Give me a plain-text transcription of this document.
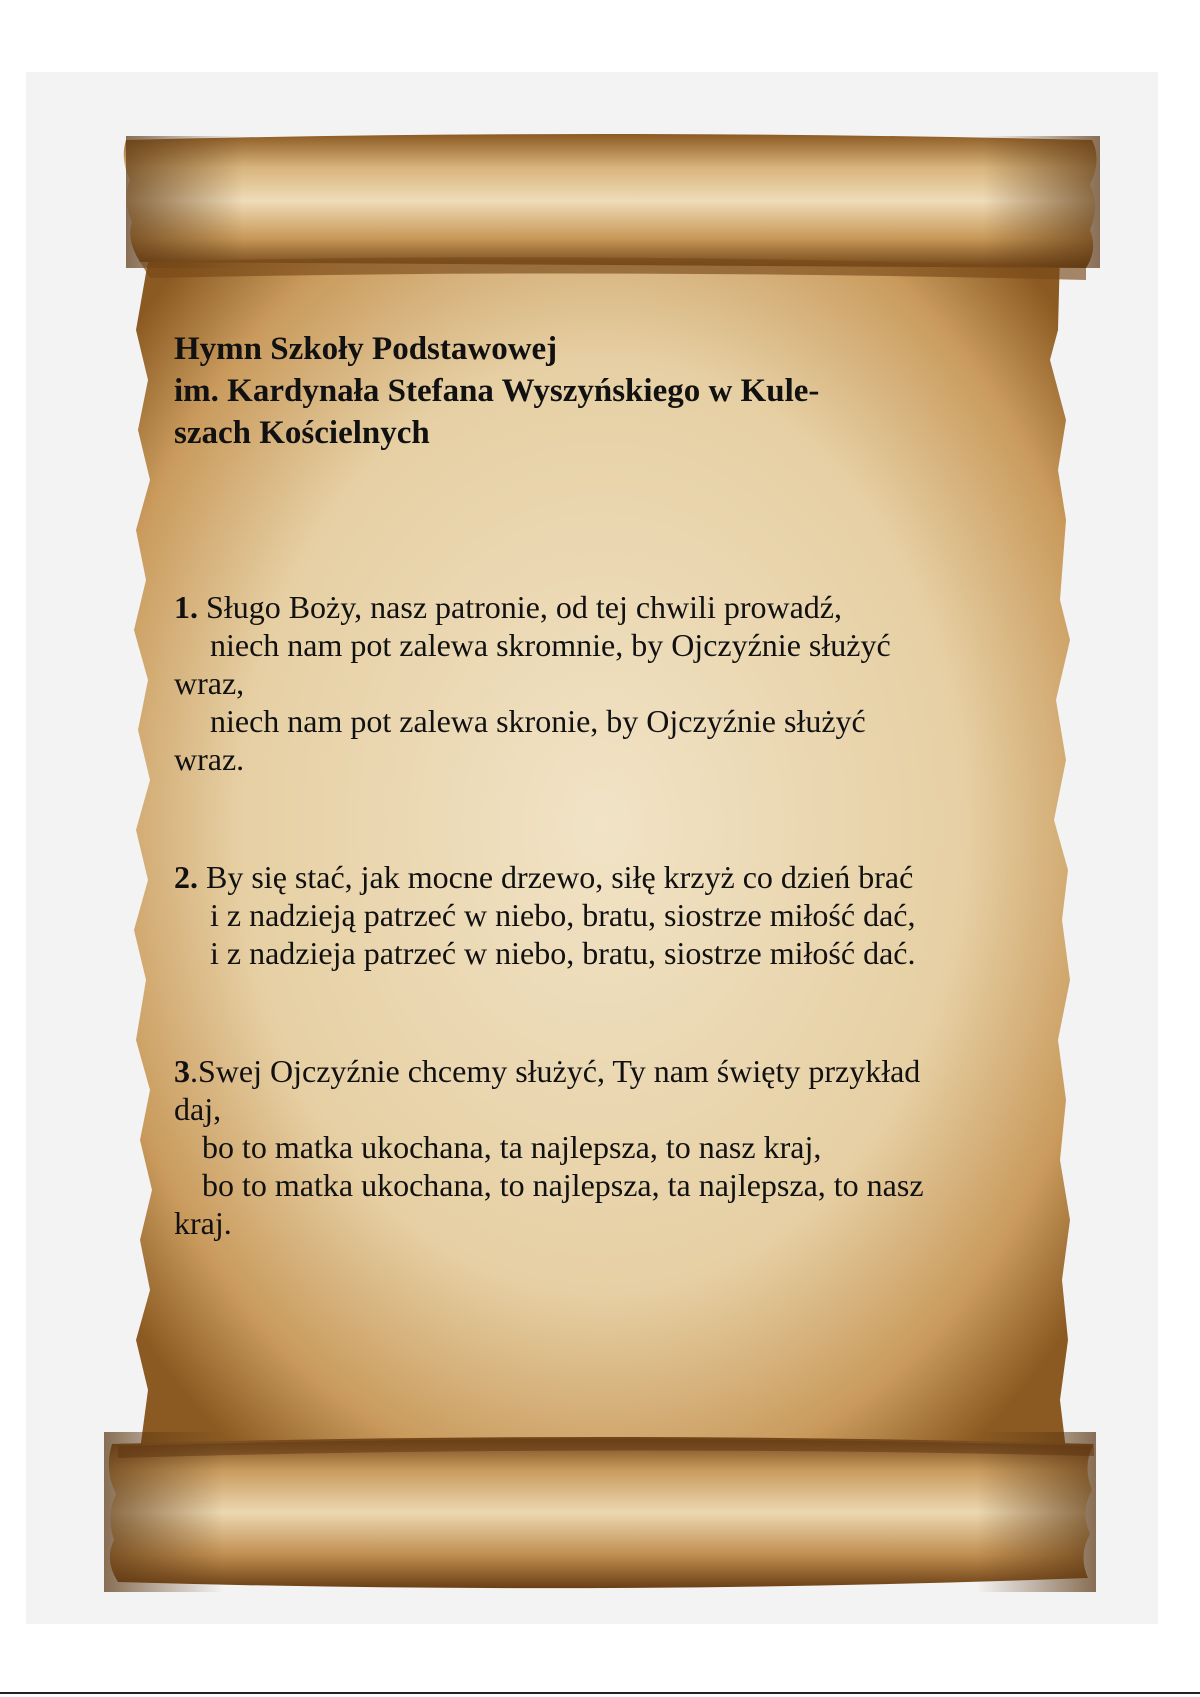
Hymn Szkoły Podstawowej
im. Kardynała Stefana Wyszyńskiego w Kule-
szach Kościelnych

1. Sługo Boży, nasz patronie, od tej chwili prowadź,
niech nam pot zalewa skromnie, by Ojczyźnie służyć
wraz,
niech nam pot zalewa skronie, by Ojczyźnie służyć
wraz.

2. By się stać, jak mocne drzewo, siłę krzyż co dzień brać
i z nadzieją patrzeć w niebo, bratu, siostrze miłość dać,
i z nadzieja patrzeć w niebo, bratu, siostrze miłość dać.

3.Swej Ojczyźnie chcemy służyć, Ty nam święty przykład
daj,
bo to matka ukochana, ta najlepsza, to nasz kraj,
bo to matka ukochana, to najlepsza, ta najlepsza, to nasz
kraj.
